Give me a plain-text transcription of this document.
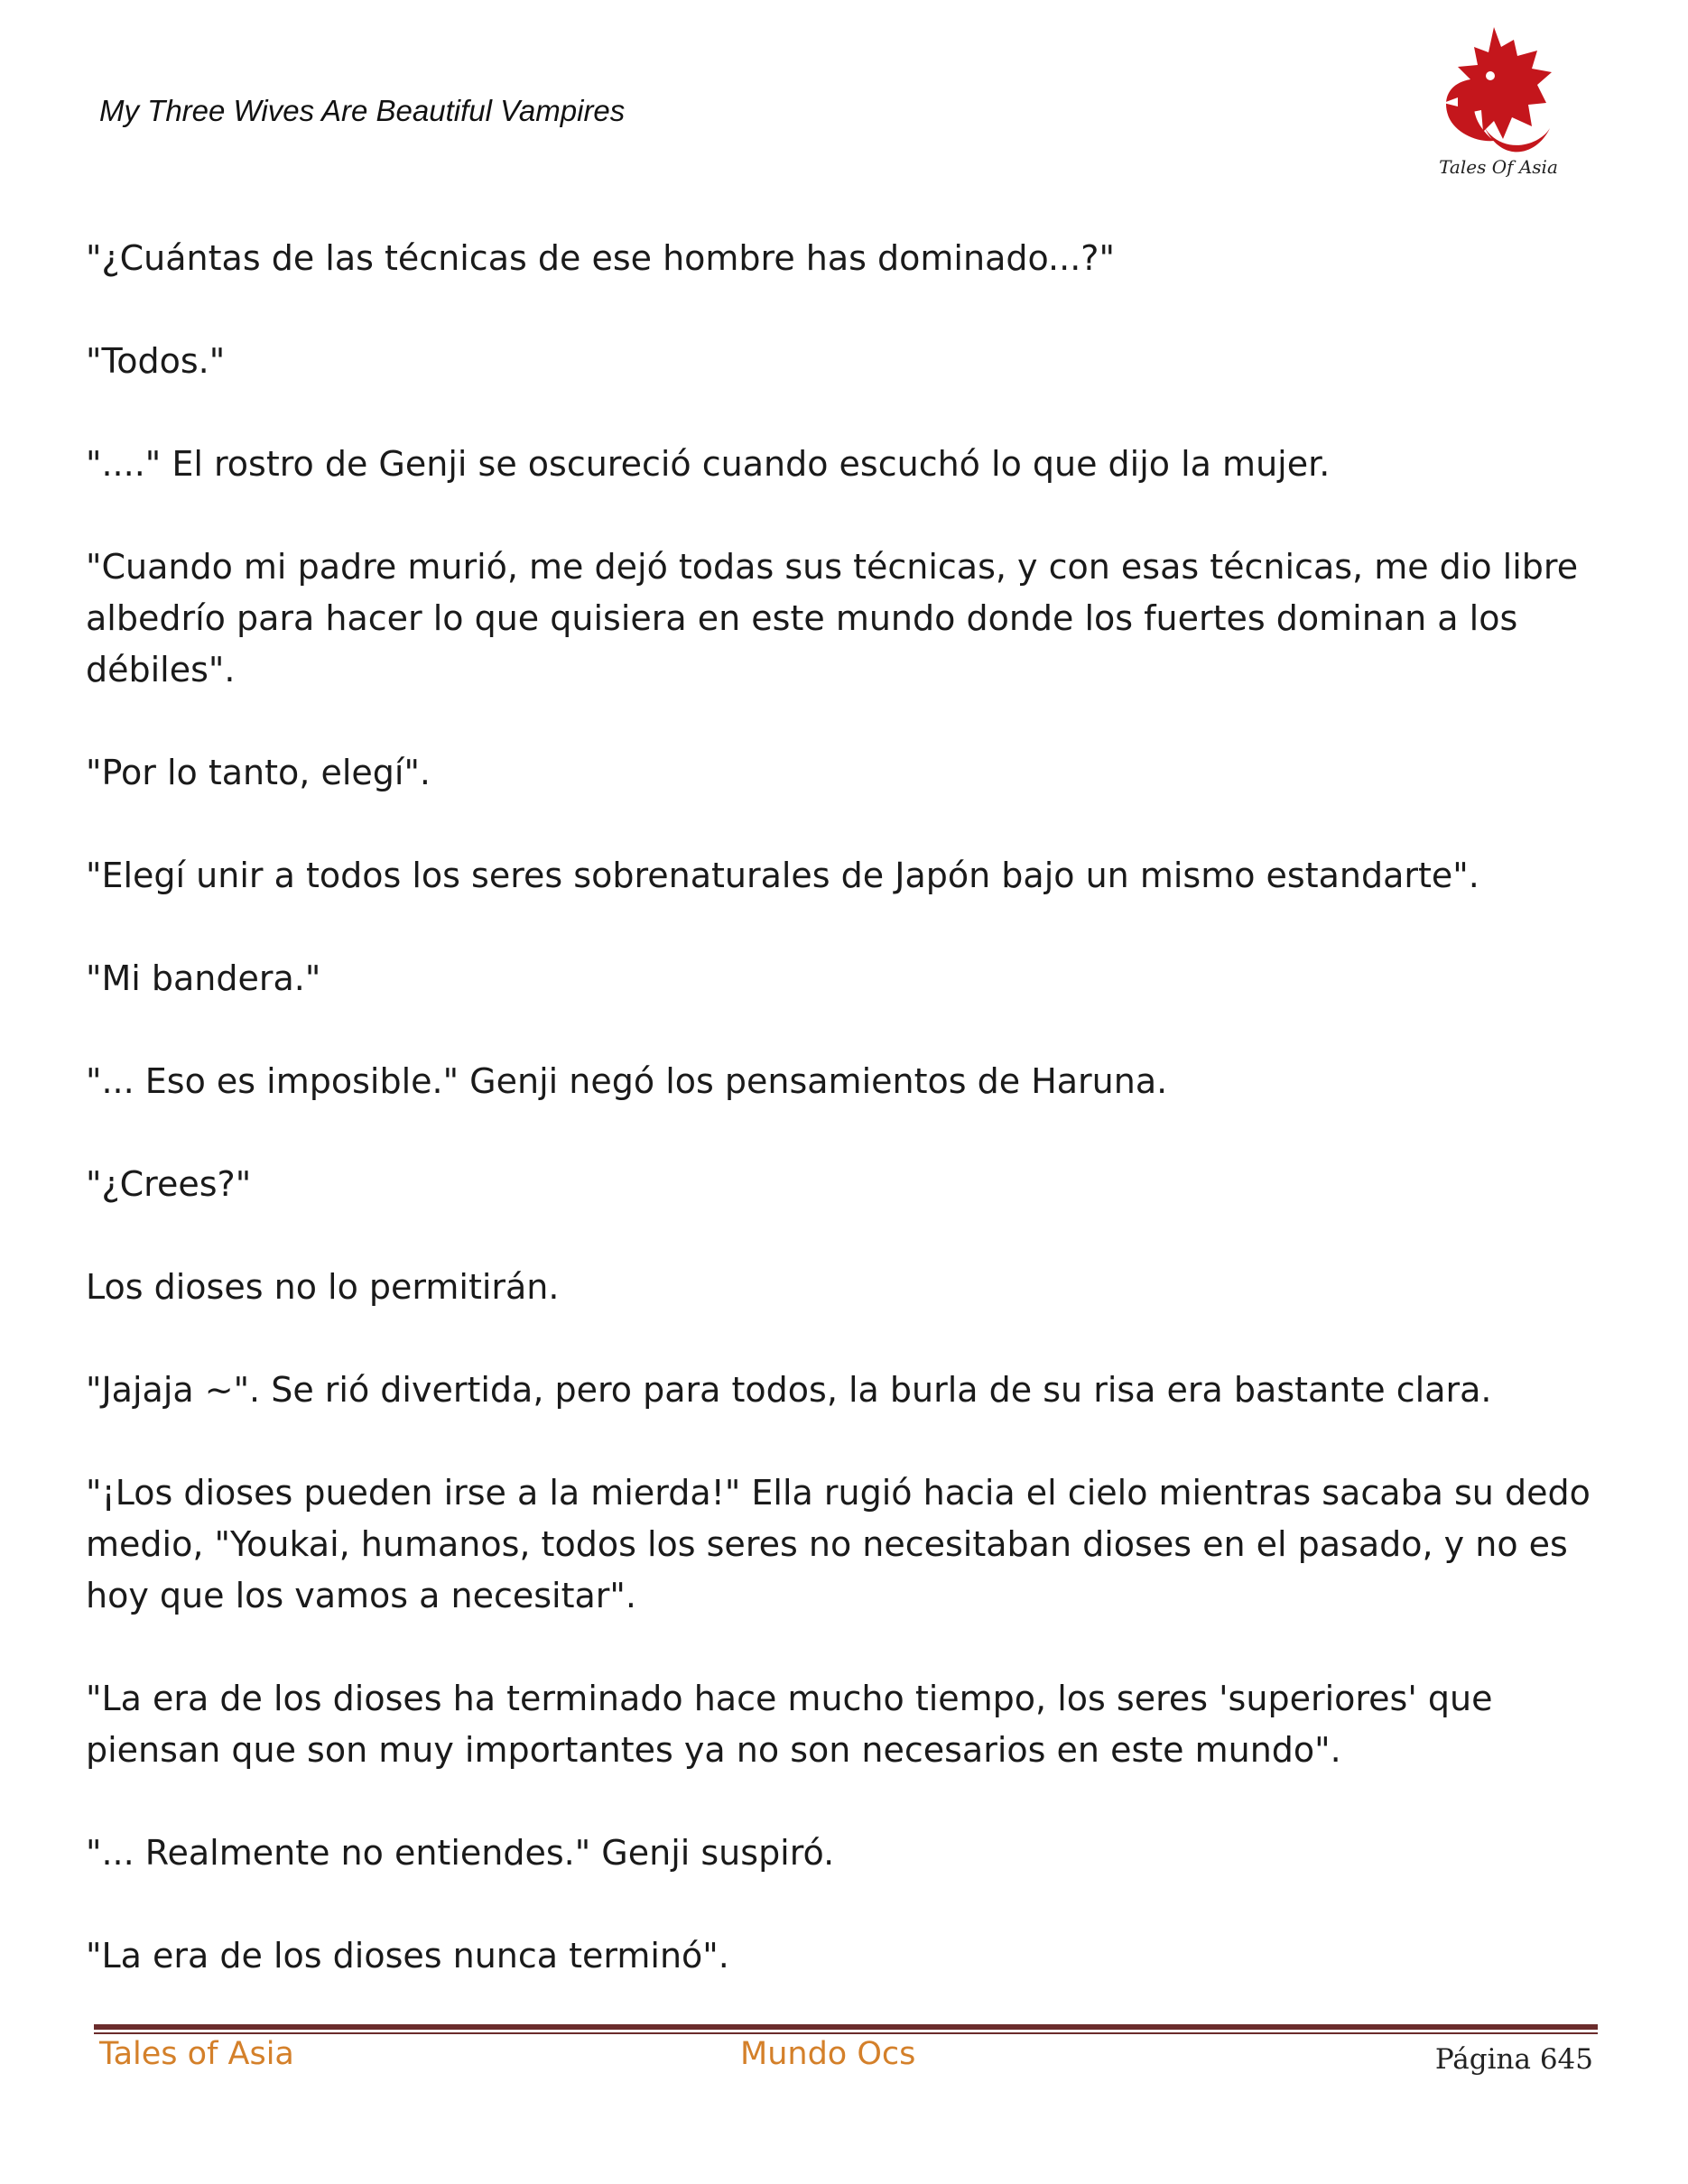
My Three Wives Are Beautiful Vampires
Tales Of Asia

"¿Cuántas de las técnicas de ese hombre has dominado...?"

"Todos."

"...." El rostro de Genji se oscureció cuando escuchó lo que dijo la mujer.

"Cuando mi padre murió, me dejó todas sus técnicas, y con esas técnicas, me dio libre albedrío para hacer lo que quisiera en este mundo donde los fuertes dominan a los débiles".

"Por lo tanto, elegí".

"Elegí unir a todos los seres sobrenaturales de Japón bajo un mismo estandarte".

"Mi bandera."

"... Eso es imposible." Genji negó los pensamientos de Haruna.

"¿Crees?"

Los dioses no lo permitirán.

"Jajaja ~". Se rió divertida, pero para todos, la burla de su risa era bastante clara.

"¡Los dioses pueden irse a la mierda!" Ella rugió hacia el cielo mientras sacaba su dedo medio, "Youkai, humanos, todos los seres no necesitaban dioses en el pasado, y no es hoy que los vamos a necesitar".

"La era de los dioses ha terminado hace mucho tiempo, los seres 'superiores' que piensan que son muy importantes ya no son necesarios en este mundo".

"... Realmente no entiendes." Genji suspiró.

"La era de los dioses nunca terminó".

Tales of Asia	Mundo Ocs	Página 645
